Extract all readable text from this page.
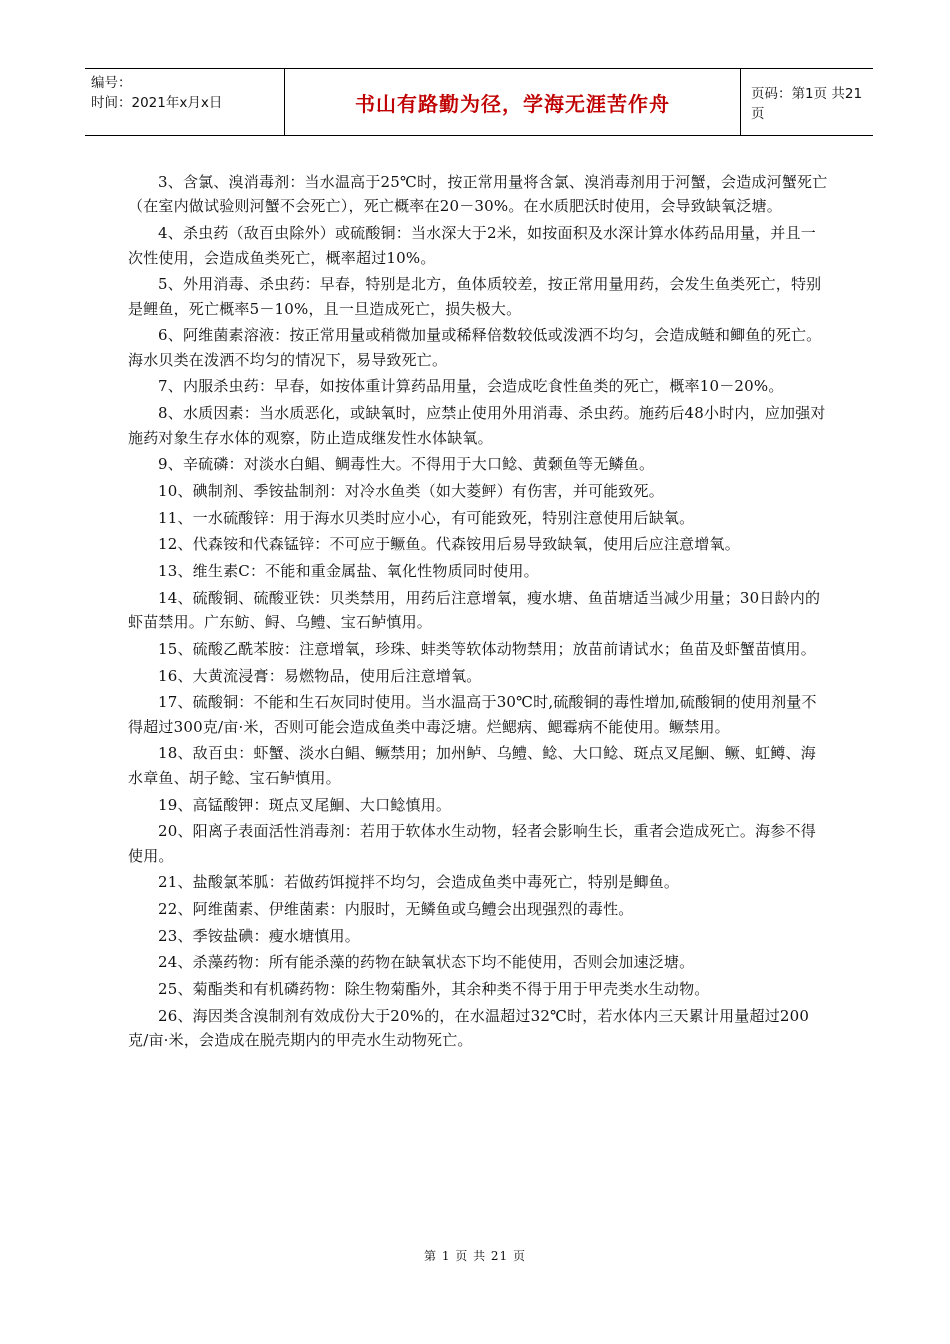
编号：
时间：2021年x月x日	书山有路勤为径，学海无涯苦作舟	页码：第1页 共21页

3、含氯、溴消毒剂：当水温高于25℃时，按正常用量将含氯、溴消毒剂用于河蟹，会造成河蟹死亡（在室内做试验则河蟹不会死亡），死亡概率在20－30%。在水质肥沃时使用，会导致缺氧泛塘。

4、杀虫药（敌百虫除外）或硫酸铜：当水深大于2米，如按面积及水深计算水体药品用量，并且一次性使用，会造成鱼类死亡，概率超过10%。

5、外用消毒、杀虫药：早春，特别是北方，鱼体质较差，按正常用量用药，会发生鱼类死亡，特别是鲤鱼，死亡概率5－10%，且一旦造成死亡，损失极大。

6、阿维菌素溶液：按正常用量或稍微加量或稀释倍数较低或泼洒不均匀，会造成鲢和鲫鱼的死亡。海水贝类在泼洒不均匀的情况下，易导致死亡。

7、内服杀虫药：早春，如按体重计算药品用量，会造成吃食性鱼类的死亡，概率10－20%。

8、水质因素：当水质恶化，或缺氧时，应禁止使用外用消毒、杀虫药。施药后48小时内，应加强对施药对象生存水体的观察，防止造成继发性水体缺氧。

9、辛硫磷：对淡水白鲳、鲷毒性大。不得用于大口鲶、黄颡鱼等无鳞鱼。

10、碘制剂、季铵盐制剂：对冷水鱼类（如大菱鲆）有伤害，并可能致死。

11、一水硫酸锌：用于海水贝类时应小心，有可能致死，特别注意使用后缺氧。

12、代森铵和代森锰锌：不可应于鳜鱼。代森铵用后易导致缺氧，使用后应注意增氧。

13、维生素C：不能和重金属盐、氧化性物质同时使用。

14、硫酸铜、硫酸亚铁：贝类禁用，用药后注意增氧，瘦水塘、鱼苗塘适当减少用量；30日龄内的虾苗禁用。广东鲂、鲟、乌鳢、宝石鲈慎用。

15、硫酸乙酰苯胺：注意增氧，珍珠、蚌类等软体动物禁用；放苗前请试水；鱼苗及虾蟹苗慎用。

16、大黄流浸膏：易燃物品，使用后注意增氧。

17、硫酸铜：不能和生石灰同时使用。当水温高于30℃时,硫酸铜的毒性增加,硫酸铜的使用剂量不得超过300克/亩·米，否则可能会造成鱼类中毒泛塘。烂鳃病、鳃霉病不能使用。鳜禁用。

18、敌百虫：虾蟹、淡水白鲳、鳜禁用；加州鲈、乌鳢、鲶、大口鲶、斑点叉尾鮰、鳜、虹鳟、海水章鱼、胡子鲶、宝石鲈慎用。

19、高锰酸钾：斑点叉尾鮰、大口鲶慎用。

20、阳离子表面活性消毒剂：若用于软体水生动物，轻者会影响生长，重者会造成死亡。海参不得使用。

21、盐酸氯苯胍：若做药饵搅拌不均匀，会造成鱼类中毒死亡，特别是鲫鱼。

22、阿维菌素、伊维菌素：内服时，无鳞鱼或乌鳢会出现强烈的毒性。

23、季铵盐碘：瘦水塘慎用。

24、杀藻药物：所有能杀藻的药物在缺氧状态下均不能使用，否则会加速泛塘。

25、菊酯类和有机磷药物：除生物菊酯外，其余种类不得于用于甲壳类水生动物。

26、海因类含溴制剂有效成份大于20%的，在水温超过32℃时，若水体内三天累计用量超过200克/亩·米，会造成在脱壳期内的甲壳水生动物死亡。

第 1 页 共 21 页
